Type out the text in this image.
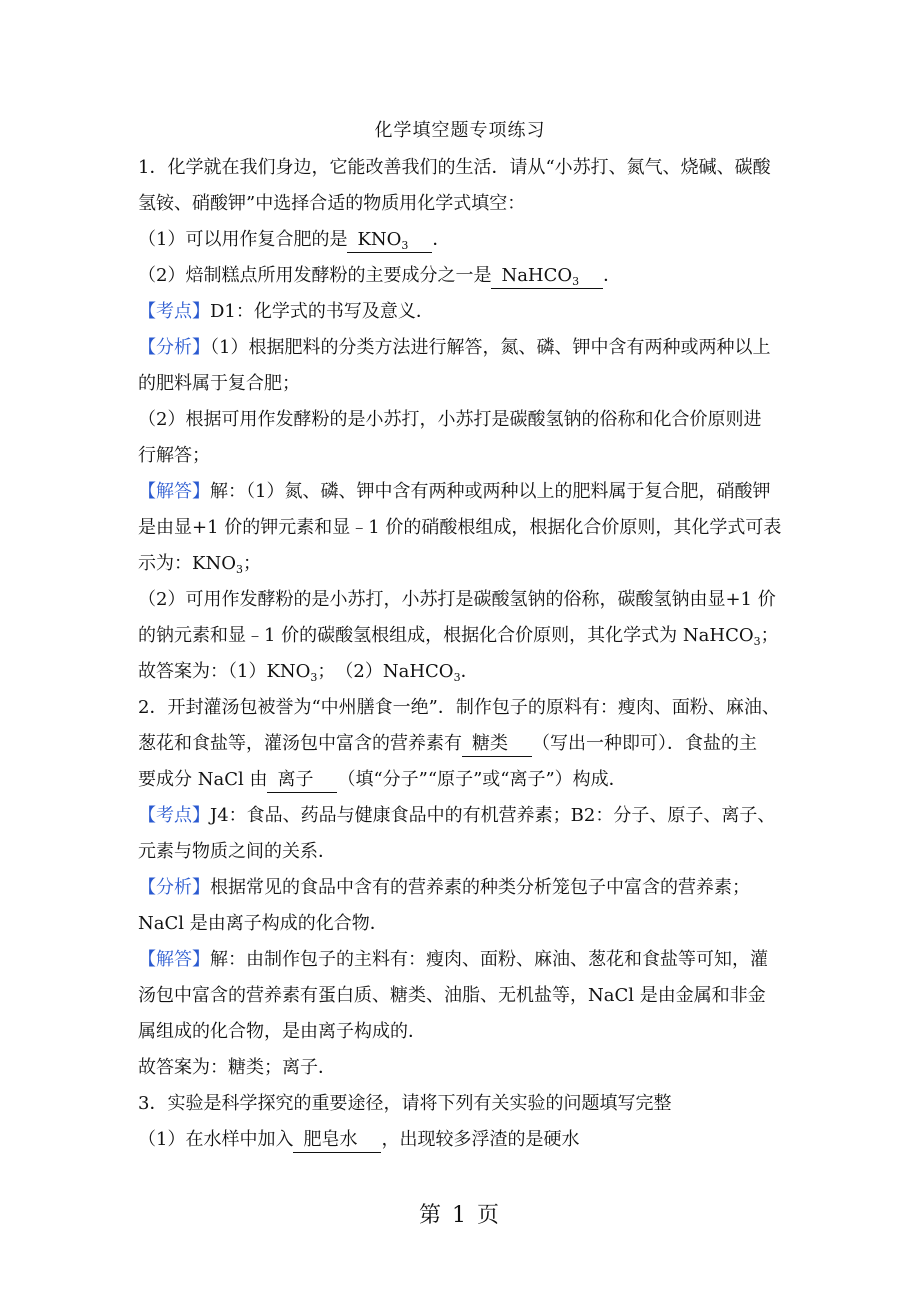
化学填空题专项练习
1．化学就在我们身边，它能改善我们的生活．请从“小苏打、氮气、烧碱、碳酸
氢铵、硝酸钾”中选择合适的物质用化学式填空：
（1）可以用作复合肥的是 $KNO_3$ ．
（2）焙制糕点所用发酵粉的主要成分之一是 NaHCO$_3$ ．
【考点】D1：化学式的书写及意义．
【分析】（1）根据肥料的分类方法进行解答，氮、磷、钾中含有两种或两种以上
的肥料属于复合肥；
（2）根据可用作发酵粉的是小苏打，小苏打是碳酸氢钠的俗称和化合价原则进
行解答；
【解答】解：（1）氮、磷、钾中含有两种或两种以上的肥料属于复合肥，硝酸钾
是由显+1 价的钾元素和显﹣1 价的硝酸根组成，根据化合价原则，其化学式可表
示为：$KNO_3$；
（2）可用作发酵粉的是小苏打，小苏打是碳酸氢钠的俗称，碳酸氢钠由显+1 价
的钠元素和显﹣1 价的碳酸氢根组成，根据化合价原则，其化学式为 NaHCO$_3$；
故答案为：$(1)KNO_3$；　（2）NaHCO$_3$．
2．开封灌汤包被誉为“中州膳食一绝”．制作包子的原料有：瘦肉、面粉、麻油、
葱花和食盐等，灌汤包中富含的营养素有 糖类 （写出一种即可）．食盐的主
要成分 NaCl 由 离子 （填“分子”“原子”或“离子”）构成．
【考点】J4：食品、药品与健康食品中的有机营养素；B2：分子、原子、离子、
元素与物质之间的关系．
【分析】根据常见的食品中含有的营养素的种类分析笼包子中富含的营养素；
NaCl 是由离子构成的化合物．
【解答】解：由制作包子的主料有：瘦肉、面粉、麻油、葱花和食盐等可知，灌
汤包中富含的营养素有蛋白质、糖类、油脂、无机盐等，NaCl 是由金属和非金
属组成的化合物，是由离子构成的．
故答案为：糖类；离子．
3．实验是科学探究的重要途径，请将下列有关实验的问题填写完整
（1）在水样中加入 肥皂水 ，出现较多浮渣的是硬水
第 1 页
